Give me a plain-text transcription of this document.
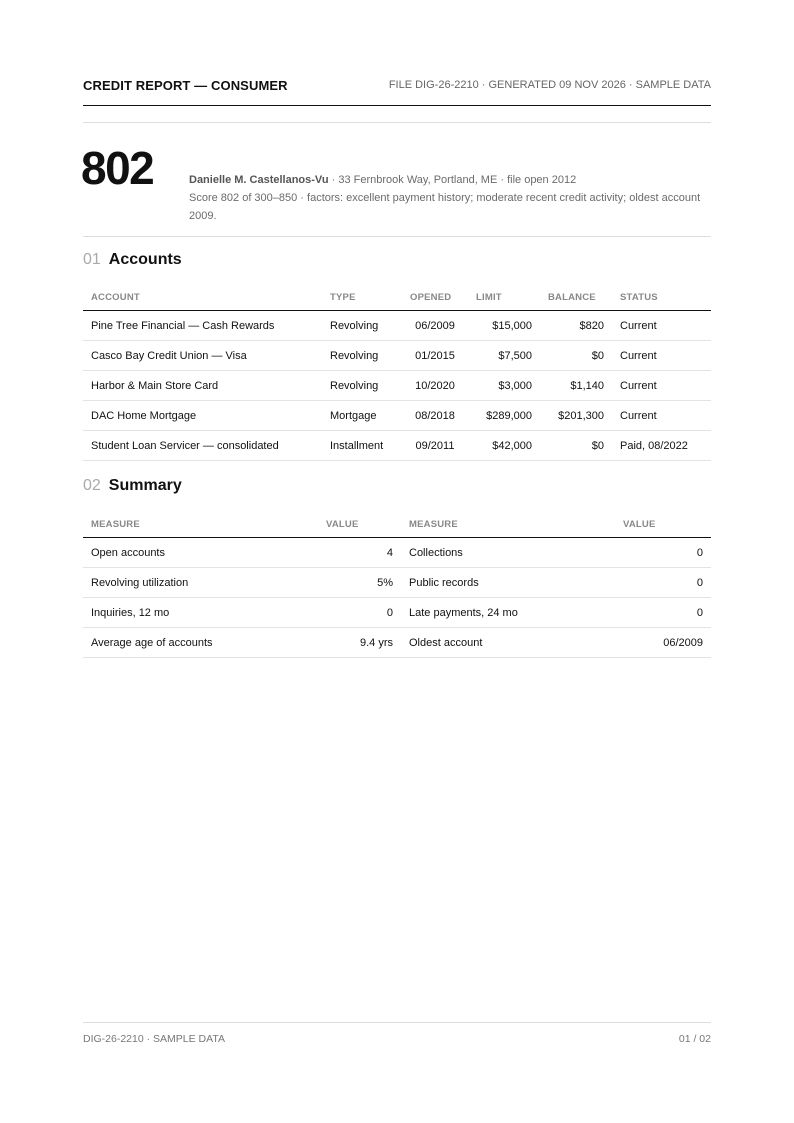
CREDIT REPORT — CONSUMER	FILE DIG-26-2210 · GENERATED 09 NOV 2026 · SAMPLE DATA
802	Danielle M. Castellanos-Vu · 33 Fernbrook Way, Portland, ME · file open 2012
Score 802 of 300–850 · factors: excellent payment history; moderate recent credit activity; oldest account 2009.
01 Accounts
ACCOUNT	TYPE	OPENED	LIMIT	BALANCE	STATUS
Pine Tree Financial — Cash Rewards	Revolving	06/2009	$15,000	$820	Current
Casco Bay Credit Union — Visa	Revolving	01/2015	$7,500	$0	Current
Harbor & Main Store Card	Revolving	10/2020	$3,000	$1,140	Current
DAC Home Mortgage	Mortgage	08/2018	$289,000	$201,300	Current
Student Loan Servicer — consolidated	Installment	09/2011	$42,000	$0	Paid, 08/2022
02 Summary
MEASURE	VALUE	MEASURE	VALUE
Open accounts	4	Collections	0
Revolving utilization	5%	Public records	0
Inquiries, 12 mo	0	Late payments, 24 mo	0
Average age of accounts	9.4 yrs	Oldest account	06/2009
DIG-26-2210 · SAMPLE DATA	01 / 02
